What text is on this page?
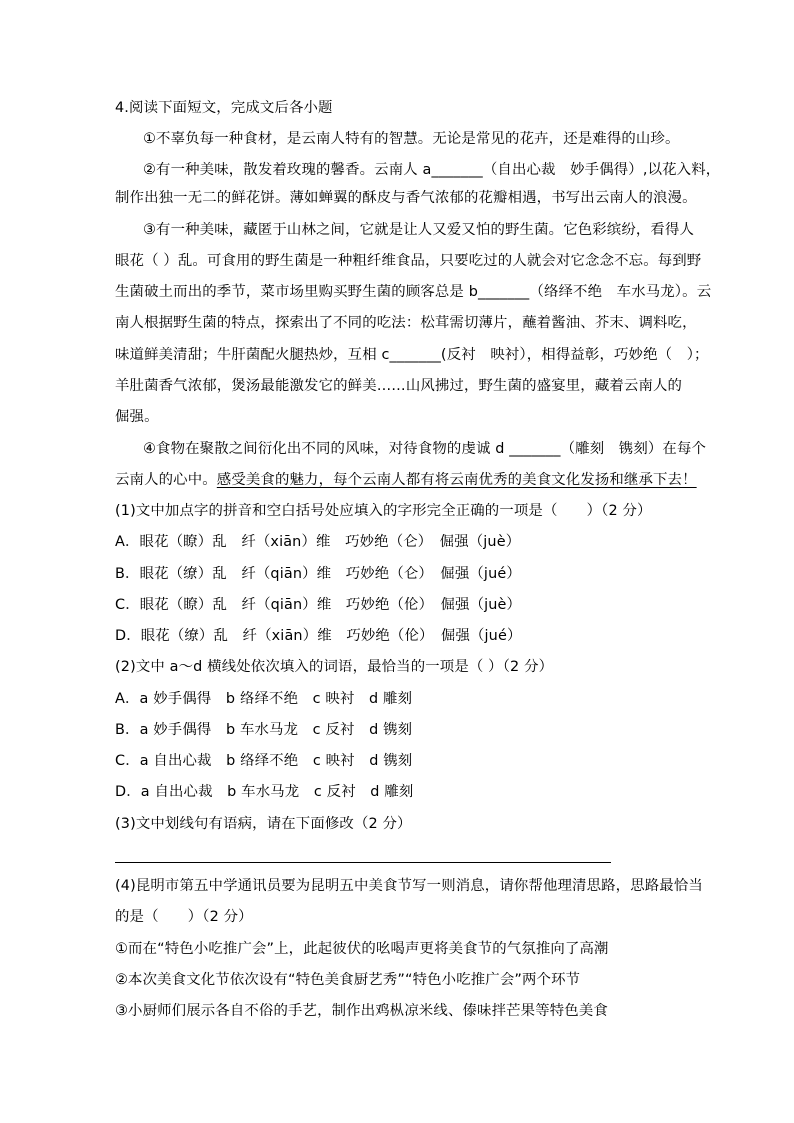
4.阅读下面短文，完成文后各小题
①不辜负每一种食材，是云南人特有的智慧。无论是常见的花卉，还是难得的山珍。
②有一种美味，散发着玫瑰的馨香。云南人 a_______（自出心裁　妙手偶得）,以花入料，
制作出独一无二的鲜花饼。薄如蝉翼的酥皮与香气浓郁的花瓣相遇，书写出云南人的浪漫。
③有一种美味，藏匿于山林之间，它就是让人又爱又怕的野生菌。它色彩缤纷，看得人
眼花（ ）乱。可食用的野生菌是一种粗纤维食品，只要吃过的人就会对它念念不忘。每到野
生菌破土而出的季节，菜市场里购买野生菌的顾客总是 b_______（络绎不绝　车水马龙）。云
南人根据野生菌的特点，探索出了不同的吃法：松茸需切薄片，蘸着酱油、芥末、调料吃，
味道鲜美清甜；牛肝菌配火腿热炒，互相 c_______(反衬　映衬），相得益彰，巧妙绝（　）；
羊肚菌香气浓郁，煲汤最能激发它的鲜美……山风拂过，野生菌的盛宴里，藏着云南人的
倔强。
④食物在聚散之间衍化出不同的风味，对待食物的虔诚 d _______（雕刻　镌刻）在每个
云南人的心中。感受美食的魅力，每个云南人都有将云南优秀的美食文化发扬和继承下去！
(1)文中加点字的拼音和空白括号处应填入的字形完全正确的一项是（　　）（2 分）
A．眼花（瞭）乱　纤（xiān）维　巧妙绝（仑）　倔强（juè）
B．眼花（缭）乱　纤（qiān）维　巧妙绝（仑）　倔强（jué）
C．眼花（瞭）乱　纤（qiān）维　巧妙绝（伦）　倔强（juè）
D．眼花（缭）乱　纤（xiān）维　巧妙绝（伦）　倔强（jué）
(2)文中 a～d 横线处依次填入的词语，最恰当的一项是（ ）（2 分）
A．a 妙手偶得　b 络绎不绝　c 映衬　d 雕刻
B．a 妙手偶得　b 车水马龙　c 反衬　d 镌刻
C．a 自出心裁　b 络绎不绝　c 映衬　d 镌刻
D．a 自出心裁　b 车水马龙　c 反衬　d 雕刻
(3)文中划线句有语病，请在下面修改（2 分）
(4)昆明市第五中学通讯员要为昆明五中美食节写一则消息，请你帮他理清思路，思路最恰当
的是（　　）（2 分）
①而在“特色小吃推广会”上，此起彼伏的吆喝声更将美食节的气氛推向了高潮
②本次美食文化节依次设有“特色美食厨艺秀”“特色小吃推广会”两个环节
③小厨师们展示各自不俗的手艺，制作出鸡枞凉米线、傣味拌芒果等特色美食
